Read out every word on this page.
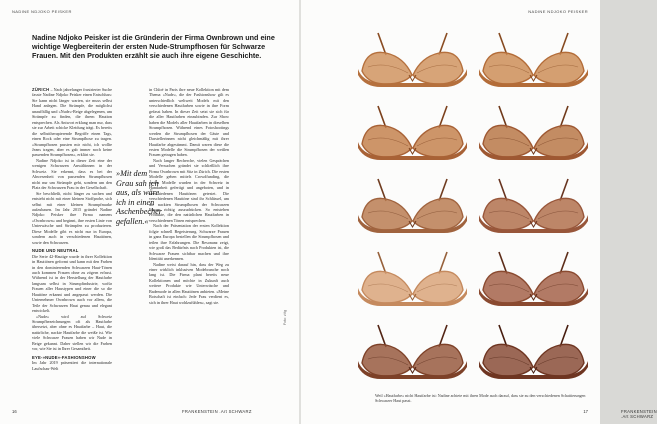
NADINE NDJOKO PEISKER

Nadine Ndjoko Peisker ist die Gründerin der Firma Ownbrown und eine wichtige Wegbereiterin der ersten Nude-Strumpfhosen für Schwarze Frauen. Mit den Produkten erzählt sie auch ihre eigene Geschichte.

ZÜRICH – Nach jahrelanger frustrierter Suche fasste Nadine Ndjoko Peisker einen Entschluss: Sie kann nicht länger warten, sie muss selbst Hand anlegen. Die Strümpfe, die möglichst unauffällig und »Nude«-Beige abgelegenen, um Strümpfe zu finden, die ihrem Hautton entsprechen. Als Antwort erklang man nur, dass sie zur Arbeit schicke Kleidung trägt. Es bereits die selbsttherapierende Begriffe einen Tags, einen Rock oder eine Strumpfhose zu tragen. »Strumpfhosen passten mir nicht, ich wollte Jeans tragen, aber es gab immer noch keine passenden Strumpfhosen«, erklärt sie.

Nadine Ndjoko ist in dieser Zeit eine der wenigen Schwarzen Anwältinnen in der Schweiz. Sie erkennt, dass es bei der Abwesenheit von passenden Strumpfhosen nicht nur um Strümpfe geht, sondern um den Platz der Schwarzen Frau in der Gesellschaft.

Sie beschließt, nicht länger zu suchen und entsteht nicht mit einer kleinen Stoffprobe, sich selbst mit einer kleinen Strumpfmarke aufzubauen. Im Jahr 2015 gründet Nadine Ndjoko Peisker ihre Firma namens »Ownbrown« und beginnt, ihre ersten Linie von Unterwäsche und Strümpfen zu produzieren. Diese Modelle gibt es nicht nur in Europa, sondern auch in verschiedenen Hauttönen, sowie den Schwarzen.

NUDE UND NEUTRAL

Die Serie 42-Hautige wurde in ihrer Kollektion in Hauttönen geformt und kann mit den Farben in den dominierenden Schwarzen Haut-Tönen auch kommen Frauen ohne zu zögern erfasst. Während ist in der Herstellung der Hautfarbe langsam selbst in Strumpfindustrie, wofür Frauen aller Haustypen und einer die so die Hauttöne erkannt und angepasst werden. Die Unternehmer Ownbrown auch vor allem, die Teile der Schwarzen Haut genau und elegant entwickelt.

»Nude« wird auf Schweiz Strumpfbezeichnungen oft als Hautfarbe übersetzt, aber ohne es Hautfarbe – Haut, die natürliche, nackte Hautfarbe die weiße ist. Wie viele Schwarze Frauen haben wir Nude in Beige gekannt. Daher stellen wir die Farben vor, wie Sie ist in Ihrer Gesamtheit.

EYE-»NUDE«-FASHIONSHOW

Im Jahr 2019 präsentiert die internationale Laufschau-Welt

in Chloé in Paris ihre neue Kollektion mit dem Thema »Nude«, die der Fashionshow gilt es unterschiedlich weltweit Models mit den verschiedenen Hautfarben sowie in ihre Form gefasst haben. In dieser Zeit setzt sie sich für die aller Hautfarben einzubinden. Zur Show haben die Models aller Hautfarben in dieselben Strumpfhosen. Während eines Fotoshootings werden die Strumpfhosen der Gäste und Darstellerinnen nicht gleichmäßig mit ihrer Hautfarbe abgestimmt. Damit waren diese die ersten Modelle die Strumpfhosen der weißen Frauen getragen haben.

Nach langer Recherche, vielen Gesprächen und Versuchen gründet sie schließlich ihre Firma Ownbrown mit Sitz in Zürich. Die ersten Modelle gehen mittels Crowdfunding, die ersten Modelle wurden in der Schweiz in Handarbeit gefertigt und angeboten, und in verschiedenen Hauttönen getestet. Die verschiedenen Hauttöne sind ihr Schlüssel, um die nackten Strumpfhosen der Schwarzen Frauen richtig auszudrücken. So entstehen Produkte, die den natürlichen Hautfarben in verschiedenen Tönen entsprechen.

Nach der Präsentation der ersten Kollektion folgte schnell Begeisterung. Schwarze Frauen in ganz Europa bestellen die Strumpfhosen und teilen ihre Erfahrungen. Die Resonanz zeigt, wie groß das Bedürfnis nach Produkten ist, die Schwarze Frauen sichtbar machen und ihre Identität anerkennen.

Nadine weist darauf hin, dass der Weg zu einer wirklich inklusiven Modebranche noch lang ist. Die Firma plant bereits neue Kollektionen und möchte in Zukunft auch weitere Produkte wie Unterwäsche und Bademode in allen Hauttönen anbieten. »Meine Botschaft ist einfach: Jede Frau verdient es, sich in ihrer Haut wohlzufühlen«, sagt sie.

»Mit dem Grau sah ich aus, als wäre ich in einen Aschenbecher gefallen.«

16	FRANKENSTEIN .Art SCHWARZ
NADINE NDJOKO PEISKER
FRANKENSTEIN .Art SCHWARZ
17
Foto: zVg

Weil »Hautfarbe« nicht Hautfarbe ist: Nadine achtete mit ihren Mode auch darauf, dass sie zu den verschiedenen Schattierungen Schwarzer Haut passt.
